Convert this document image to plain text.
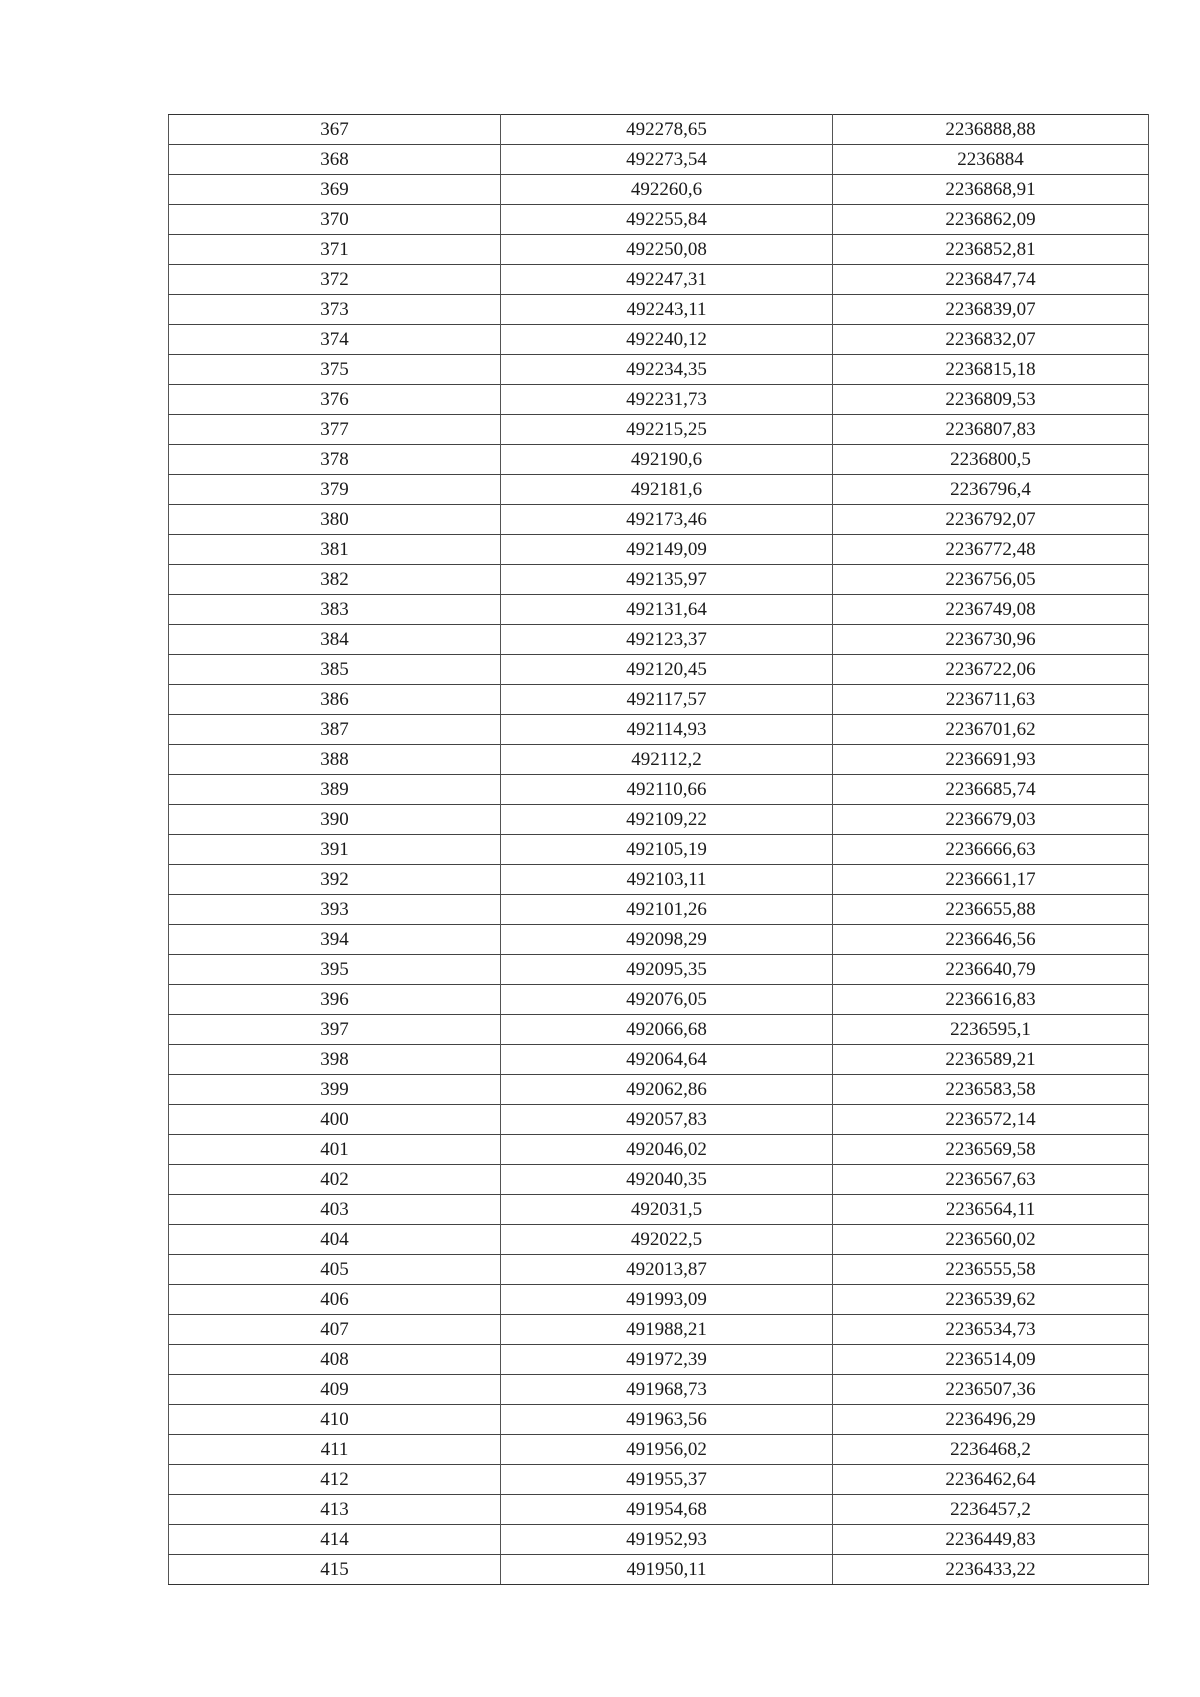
367	492278,65	2236888,88
368	492273,54	2236884
369	492260,6	2236868,91
370	492255,84	2236862,09
371	492250,08	2236852,81
372	492247,31	2236847,74
373	492243,11	2236839,07
374	492240,12	2236832,07
375	492234,35	2236815,18
376	492231,73	2236809,53
377	492215,25	2236807,83
378	492190,6	2236800,5
379	492181,6	2236796,4
380	492173,46	2236792,07
381	492149,09	2236772,48
382	492135,97	2236756,05
383	492131,64	2236749,08
384	492123,37	2236730,96
385	492120,45	2236722,06
386	492117,57	2236711,63
387	492114,93	2236701,62
388	492112,2	2236691,93
389	492110,66	2236685,74
390	492109,22	2236679,03
391	492105,19	2236666,63
392	492103,11	2236661,17
393	492101,26	2236655,88
394	492098,29	2236646,56
395	492095,35	2236640,79
396	492076,05	2236616,83
397	492066,68	2236595,1
398	492064,64	2236589,21
399	492062,86	2236583,58
400	492057,83	2236572,14
401	492046,02	2236569,58
402	492040,35	2236567,63
403	492031,5	2236564,11
404	492022,5	2236560,02
405	492013,87	2236555,58
406	491993,09	2236539,62
407	491988,21	2236534,73
408	491972,39	2236514,09
409	491968,73	2236507,36
410	491963,56	2236496,29
411	491956,02	2236468,2
412	491955,37	2236462,64
413	491954,68	2236457,2
414	491952,93	2236449,83
415	491950,11	2236433,22
